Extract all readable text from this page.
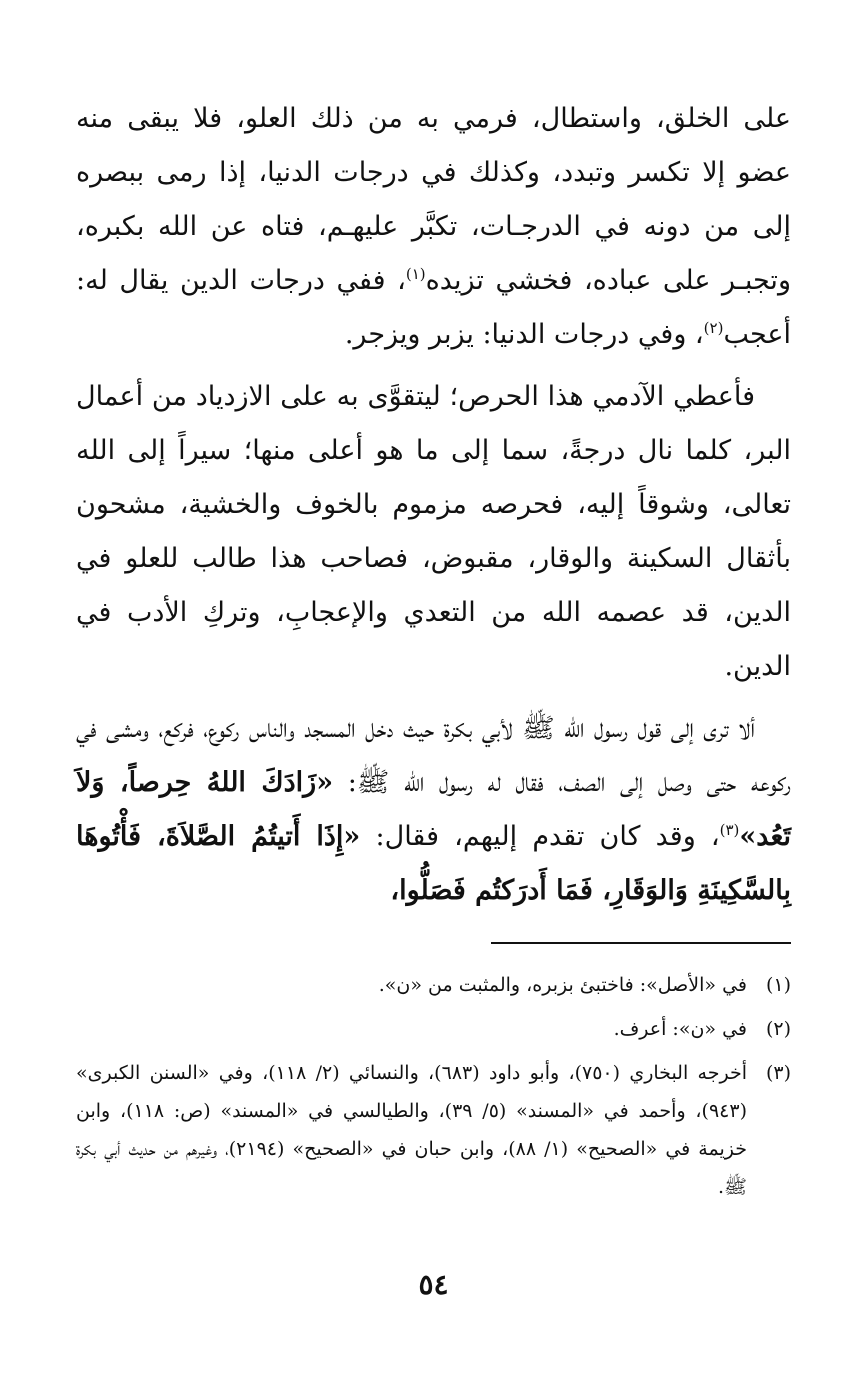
على الخلق، واستطال، فرمي به من ذلك العلو، فلا يبقى منه عضو إلا تكسر وتبدد، وكذلك في درجات الدنيا، إذا رمى ببصره إلى من دونه في الدرجـات، تكبَّر عليهـم، فتاه عن الله بكبره، وتجبـر على عباده، فخشي تزيده$^{(١)}$، ففي درجات الدين يقال له: أعجب$^{(٢)}$، وفي درجات الدنيا: يزبر ويزجر.

فأعطي الآدمي هذا الحرص؛ ليتقوَّى به على الازدياد من أعمال البر، كلما نال درجةً، سما إلى ما هو أعلى منها؛ سيراً إلى الله تعالى، وشوقاً إليه، فحرصه مزموم بالخوف والخشية، مشحون بأثقال السكينة والوقار، مقبوض، فصاحب هذا طالب للعلو في الدين، قد عصمه الله من التعدي والإعجابِ، وتركِ الأدب في الدين.

ألا ترى إلى قول رسول الله ﷺ لأبي بكرة حيث دخل المسجد والناس ركوع، فركع، ومشى في ركوعه حتى وصل إلى الصف، فقال له رسول الله ﷺ: «زَادَكَ اللهُ حِرصاً، وَلاَ تَعُد»$^{(٣)}$، وقد كان تقدم إليهم، فقال: «إِذَا أَتيتُمُ الصَّلاَةَ، فَأْتُوهَا بِالسَّكِينَةِ وَالوَقَارِ، فَمَا أَدرَكتُم فَصَلُّوا،

(١)
في «الأصل»: فاختبئ بزبره، والمثبت من «ن».
(٢)
في «ن»: أعرف.
(٣)
أخرجه البخاري (٧٥٠)، وأبو داود (٦٨٣)، والنسائي (٢/ ١١٨)، وفي «السنن الكبرى» (٩٤٣)، وأحمد في «المسند» (٥/ ٣٩)، والطيالسي في «المسند» (ص: ١١٨)، وابن خزيمة في «الصحيح» (١/ ٨٨)، وابن حبان في «الصحيح» (٢١٩٤)، وغيرهم من حديث أبي بكرة ﷺ.
٥٤
